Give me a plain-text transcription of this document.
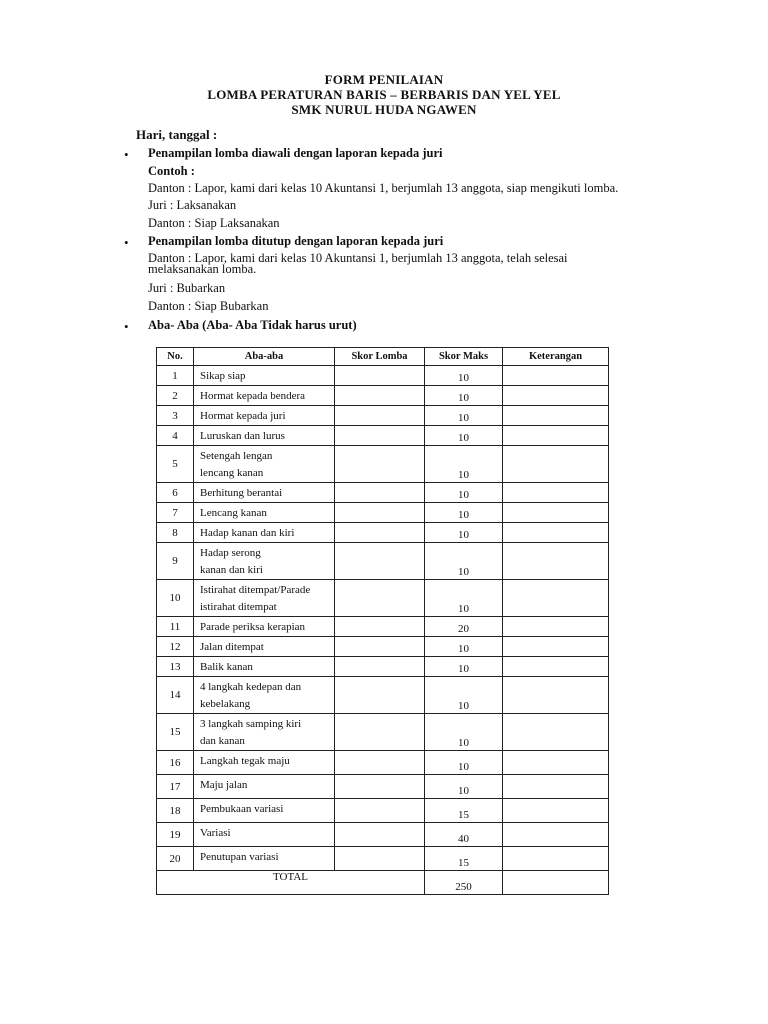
FORM PENILAIAN
LOMBA PERATURAN BARIS – BERBARIS DAN YEL YEL
SMK NURUL HUDA NGAWEN
Hari, tanggal :
• Penampilan lomba diawali dengan laporan kepada juri
Contoh :
Danton : Lapor, kami dari kelas 10 Akuntansi 1, berjumlah 13 anggota, siap mengikuti lomba.
Juri : Laksanakan
Danton : Siap Laksanakan
• Penampilan lomba ditutup dengan laporan kepada juri
Danton : Lapor, kami dari kelas 10 Akuntansi 1, berjumlah 13 anggota, telah selesai melaksanakan lomba.
Juri : Bubarkan
Danton : Siap Bubarkan
• Aba- Aba (Aba- Aba Tidak harus urut)
No.	Aba-aba	Skor Lomba	Skor Maks	Keterangan
1	Sikap siap		10	
2	Hormat kepada bendera		10	
3	Hormat kepada juri		10	
4	Luruskan dan lurus		10	
5	Setengah lengan
lencang kanan		10	
6	Berhitung berantai		10	
7	Lencang kanan		10	
8	Hadap kanan dan kiri		10	
9	Hadap serong
kanan dan kiri		10	
10	Istirahat ditempat/Parade
istirahat ditempat		10	
11	Parade periksa kerapian		20	
12	Jalan ditempat		10	
13	Balik kanan		10	
14	4 langkah kedepan dan
kebelakang		10	
15	3 langkah samping kiri
dan kanan		10	
16	Langkah tegak maju		10	
17	Maju jalan		10	
18	Pembukaan variasi		15	
19	Variasi		40	
20	Penutupan variasi		15	
TOTAL			250	
